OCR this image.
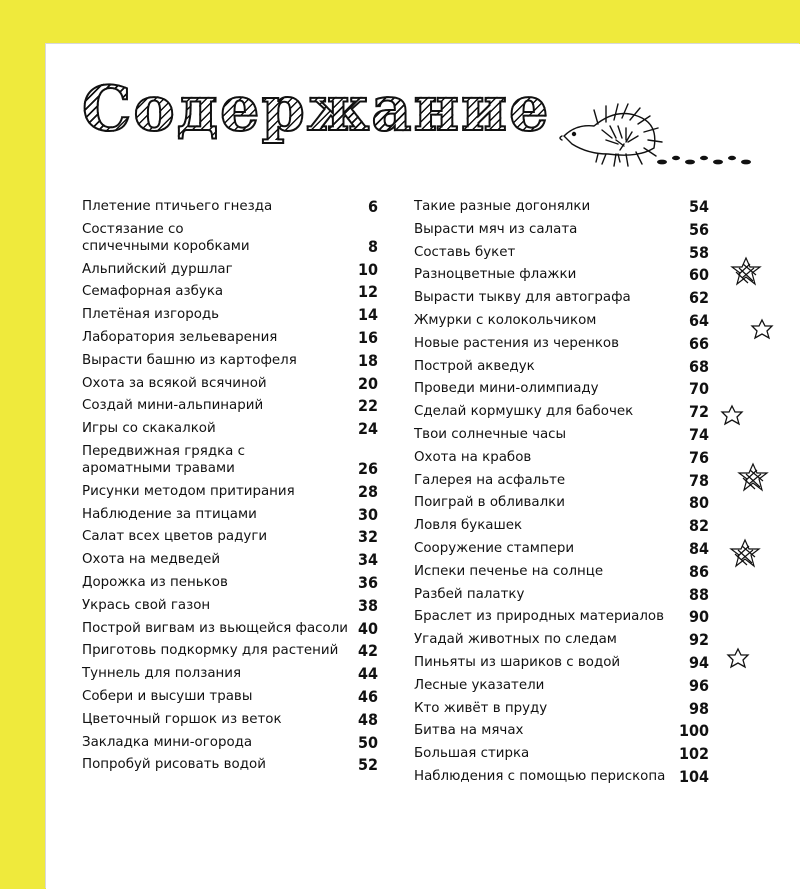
Содержание
Плетение птичьего гнезда	6
Состязание со спичечными коробками	8
Альпийский дуршлаг	10
Семафорная азбука	12
Плетёная изгородь	14
Лаборатория зельеварения	16
Вырасти башню из картофеля	18
Охота за всякой всячиной	20
Создай мини-альпинарий	22
Игры со скакалкой	24
Передвижная грядка с ароматными травами	26
Рисунки методом притирания	28
Наблюдение за птицами	30
Салат всех цветов радуги	32
Охота на медведей	34
Дорожка из пеньков	36
Укрась свой газон	38
Построй вигвам из вьющейся фасоли 40
Приготовь подкормку для растений	42
Туннель для ползания	44
Собери и высуши травы	46
Цветочный горшок из веток	48
Закладка мини-огорода	50
Попробуй рисовать водой	52
Такие разные догонялки	54
Вырасти мяч из салата	56
Составь букет	58
Разноцветные флажки	60
Вырасти тыкву для автографа	62
Жмурки с колокольчиком	64
Новые растения из черенков	66
Построй акведук	68
Проведи мини-олимпиаду	70
Сделай кормушку для бабочек	72
Твои солнечные часы	74
Охота на крабов	76
Галерея на асфальте	78
Поиграй в обливалки	80
Ловля букашек	82
Сооружение стампери	84
Испеки печенье на солнце	86
Разбей палатку	88
Браслет из природных материалов	90
Угадай животных по следам	92
Пиньяты из шариков с водой	94
Лесные указатели	96
Кто живёт в пруду	98
Битва на мячах	100
Большая стирка	102
Наблюдения с помощью перископа 104
